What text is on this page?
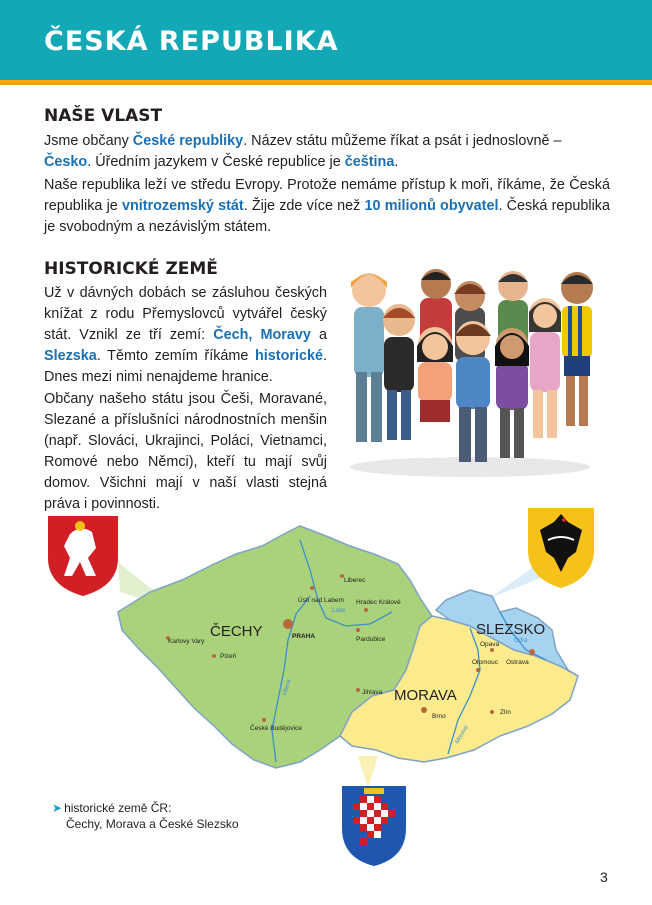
ČESKÁ REPUBLIKA
NAŠE VLAST

Jsme občany České republiky. Název státu můžeme říkat a psát i jednoslovně – Česko. Úředním jazykem v České republice je čeština.

Naše republika leží ve středu Evropy. Protože nemáme přístup k moři, říkáme, že Česká republika je vnitrozemský stát. Žije zde více než 10 milionů obyvatel. Česká republika je svobodným a nezávislým státem.

HISTORICKÉ ZEMĚ

Už v dávných dobách se zásluhou českých knížat z rodu Přemyslovců vytvářel český stát. Vznikl ze tří zemí: Čech, Moravy a Slezska. Těmto zemím říkáme historické. Dnes mezi nimi nenajdeme hranice.

Občany našeho státu jsou Češi, Moravané, Slezané a příslušníci národnostních menšin (např. Slováci, Ukrajinci, Poláci, Vietnamci, Romové nebo Němci), kteří tu mají svůj domov. Všichni mají v naší vlasti stejná práva i povinnosti.

Labe
Vltava
Morava
Odra
ČECHY
MORAVA
SLEZSKO
Ústí nad Labem
Liberec
Karlovy Vary
Hradec Králové
PRAHA	Pardubice
Plzeň
Jihlava
České Budějovice
Brno
Zlín
Olomouc
Opava
Ostrava
➤ historické země ČR:
Čechy, Morava a České Slezsko
3
